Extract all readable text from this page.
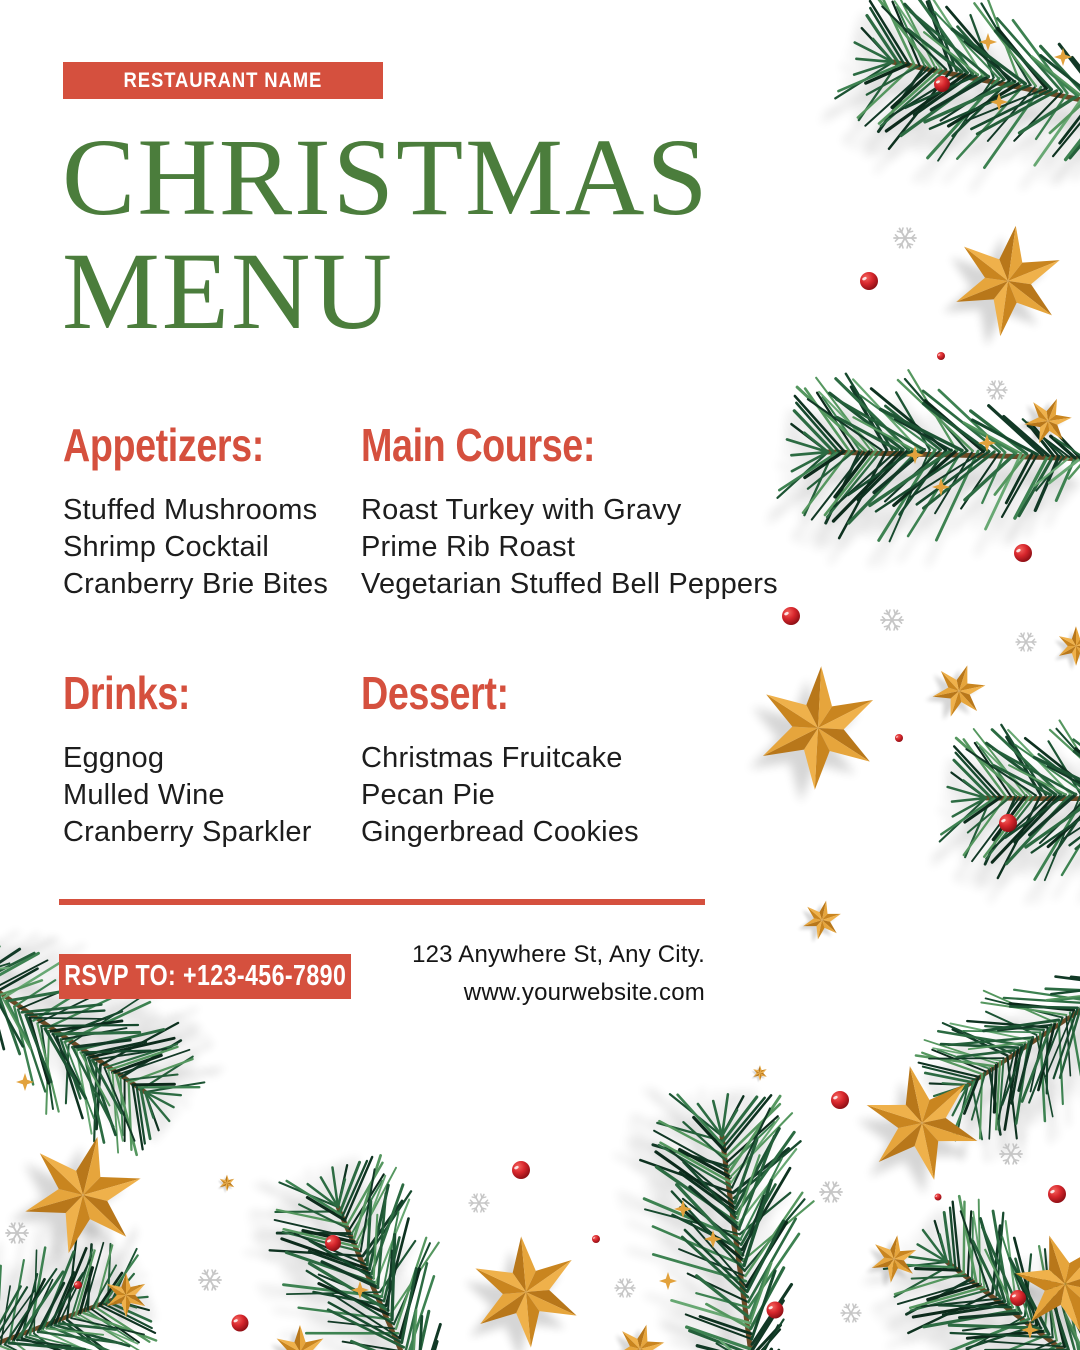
RESTAURANT NAME
CHRISTMAS
MENU
Appetizers:
Stuffed Mushrooms
Shrimp Cocktail
Cranberry Brie Bites
Main Course:
Roast Turkey with Gravy
Prime Rib Roast
Vegetarian Stuffed Bell Peppers
Drinks:
Eggnog
Mulled Wine
Cranberry Sparkler
Dessert:
Christmas Fruitcake
Pecan Pie
Gingerbread Cookies
RSVP TO: +123-456-7890
123 Anywhere St, Any City.
www.yourwebsite.com
